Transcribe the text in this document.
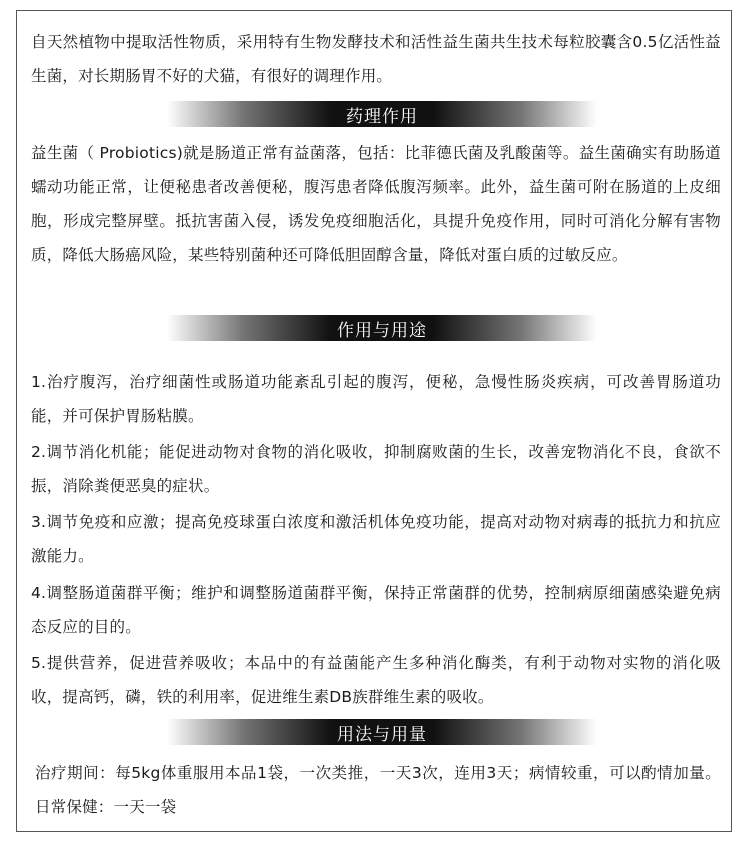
自天然植物中提取活性物质，采用特有生物发酵技术和活性益生菌共生技术每粒胶囊含0.5亿活性益生菌，对长期肠胃不好的犬猫，有很好的调理作用。

药理作用

益生菌（ Probiotics)就是肠道正常有益菌落，包括：比菲德氏菌及乳酸菌等。益生菌确实有助肠道蠕动功能正常，让便秘患者改善便秘，腹泻患者降低腹泻频率。此外，益生菌可附在肠道的上皮细胞，形成完整屏壁。抵抗害菌入侵，诱发免疫细胞活化，具提升免疫作用，同时可消化分解有害物质，降低大肠癌风险，某些特别菌种还可降低胆固醇含量，降低对蛋白质的过敏反应。

作用与用途

1.治疗腹泻，治疗细菌性或肠道功能紊乱引起的腹泻，便秘，急慢性肠炎疾病，可改善胃肠道功能，并可保护胃肠粘膜。

2.调节消化机能；能促进动物对食物的消化吸收，抑制腐败菌的生长，改善宠物消化不良，食欲不振，消除粪便恶臭的症状。

3.调节免疫和应激；提高免疫球蛋白浓度和激活机体免疫功能，提高对动物对病毒的抵抗力和抗应激能力。

4.调整肠道菌群平衡；维护和调整肠道菌群平衡，保持正常菌群的优势，控制病原细菌感染避免病态反应的目的。

5.提供营养，促进营养吸收；本品中的有益菌能产生多种消化酶类，有利于动物对实物的消化吸收，提高钙，磷，铁的利用率，促进维生素DB族群维生素的吸收。

用法与用量

治疗期间：每5kg体重服用本品1袋，一次类推，一天3次，连用3天；病情较重，可以酌情加量。日常保健：一天一袋
